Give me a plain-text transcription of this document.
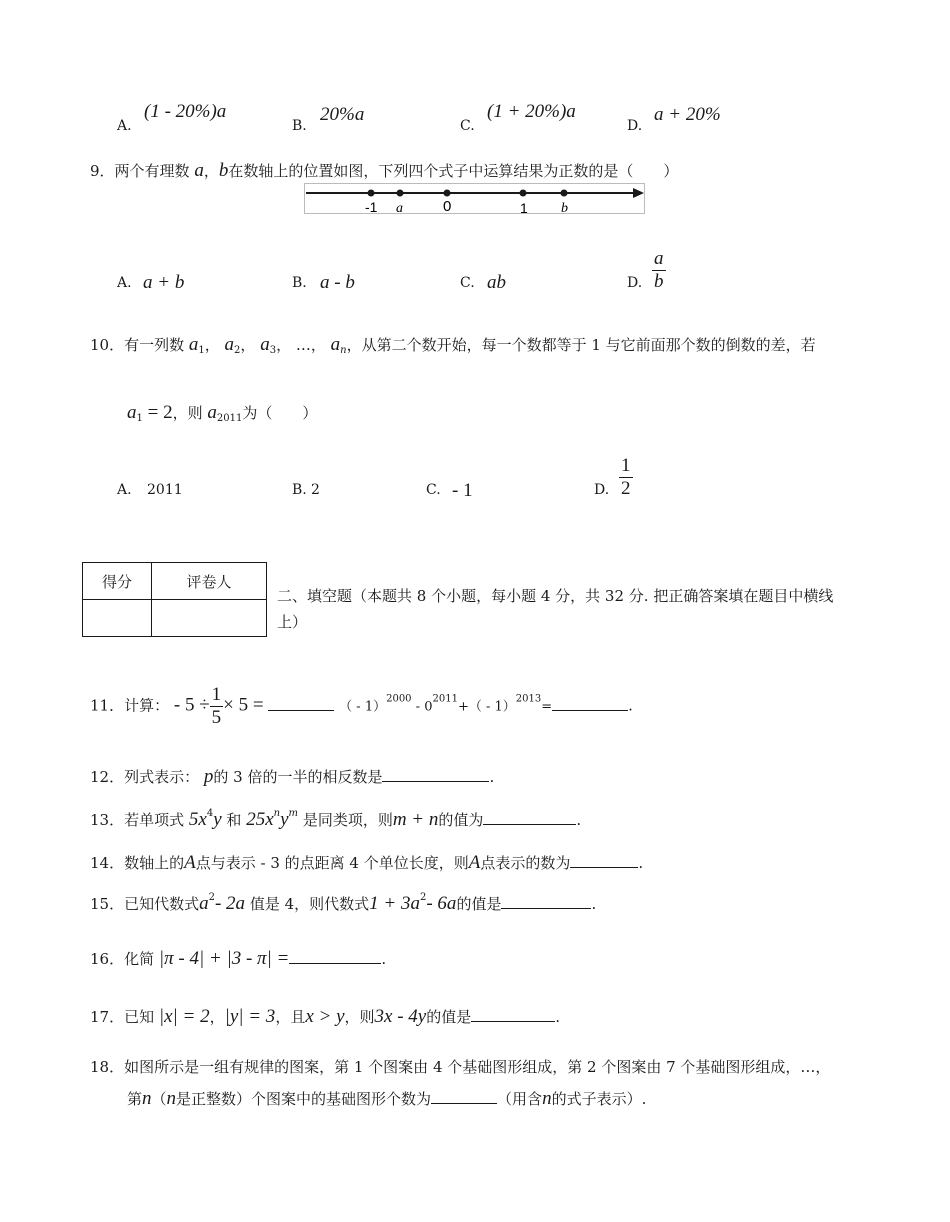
A.
(1 - 20%)a
B.
20%a
C.
(1 + 20%)a
D.
a + 20%
9．两个有理数 a，b在数轴上的位置如图，下列四个式子中运算结果为正数的是（　　）
-1 a	0	1 b
A. a + b	B. a - b	C. ab	D. $\frac{a}{b}$
10．有一列数 $a_1$， $a_2$， $a_3$， …， $a_n$，从第二个数开始，每一个数都等于 1 与它前面那个数的倒数的差，若
$a_1 = 2$，则 $a_{2011}$为（　　）
A. 2011	B. 2	C. - 1	D. $\frac{1}{2}$
得分	评卷人

二、填空题（本题共 8 个小题，每小题 4 分，共 32 分. 把正确答案填在题目中横线
上）
11．计算： - $5 \div \frac{1}{5} \times 5$ =	（ - $1)^{2000} - 0^{2011}+( - 1)^{2013}=$	.
12．列式表示： p的 3 倍的一半的相反数是	.
13．若单项式 $5x^4y$ 和 $25x^ny^m$ 是同类项，则m + n的值为	.
14．数轴上的A点与表示 - 3 的点距离 4 个单位长度，则A点表示的数为	.
15．已知代数式$a^2-$ 2a 值是 4，则代数式$1 + 3a^2-$ 6a的值是	.
16．化简 |π - 4| + |3 - π| =	.
17．已知 |x| = 2，|y| = 3，且x > y，则3x - 4y的值是	.
18．如图所示是一组有规律的图案，第 1 个图案由 4 个基础图形组成，第 2 个图案由 7 个基础图形组成，…，
第n（n是正整数）个图案中的基础图形个数为	（用含n的式子表示）.
